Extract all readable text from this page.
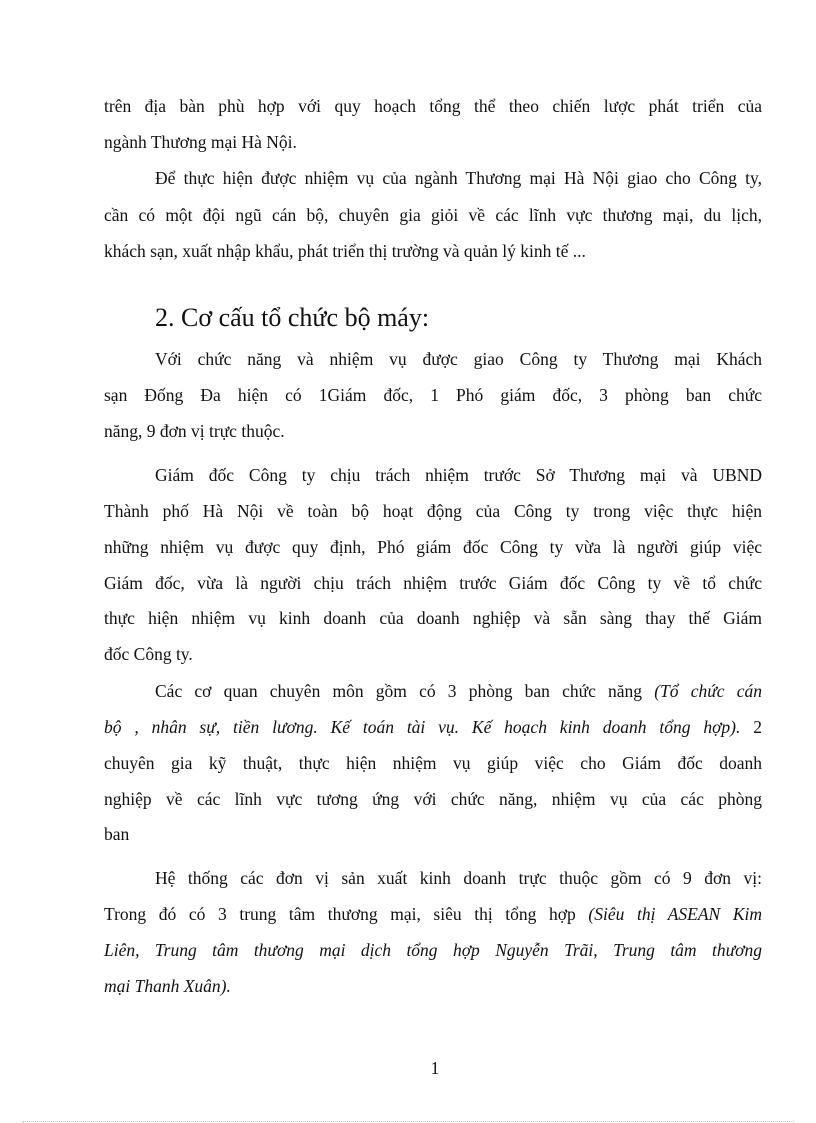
trên địa bàn phù hợp với quy hoạch tổng thể theo chiến lược phát triển của
ngành Thương mại Hà Nội.
Để thực hiện được nhiệm vụ của ngành Thương mại Hà Nội giao cho Công ty,
cần có một đội ngũ cán bộ, chuyên gia giỏi về các lĩnh vực thương mại, du lịch,
khách sạn, xuất nhập khẩu, phát triển thị trường và quản lý kinh tế ...
2. Cơ cấu tổ chức bộ máy:
Với chức năng và nhiệm vụ được giao Công ty Thương mại Khách
sạn Đống Đa hiện có 1Giám đốc, 1 Phó giám đốc, 3 phòng ban chức
năng, 9 đơn vị trực thuộc.
Giám đốc Công ty chịu trách nhiệm trước Sở Thương mại và UBND
Thành phố Hà Nội về toàn bộ hoạt động của Công ty trong việc thực hiện
những nhiệm vụ được quy định, Phó giám đốc Công ty vừa là người giúp việc
Giám đốc, vừa là người chịu trách nhiệm trước Giám đốc Công ty về tổ chức
thực hiện nhiệm vụ kinh doanh của doanh nghiệp và sẵn sàng thay thế Giám
đốc Công ty.
Các cơ quan chuyên môn gồm có 3 phòng ban chức năng (Tổ chức cán
bộ , nhân sự, tiền lương. Kế toán tài vụ. Kế hoạch kinh doanh tổng hợp). 2
chuyên gia kỹ thuật, thực hiện nhiệm vụ giúp việc cho Giám đốc doanh
nghiệp về các lĩnh vực tương ứng với chức năng, nhiệm vụ của các phòng
ban
Hệ thống các đơn vị sản xuất kinh doanh trực thuộc gồm có 9 đơn vị:
Trong đó có 3 trung tâm thương mại, siêu thị tổng hợp (Siêu thị ASEAN Kim
Liên, Trung tâm thương mại dịch tổng hợp Nguyễn Trãi, Trung tâm thương
mại Thanh Xuân).
1
